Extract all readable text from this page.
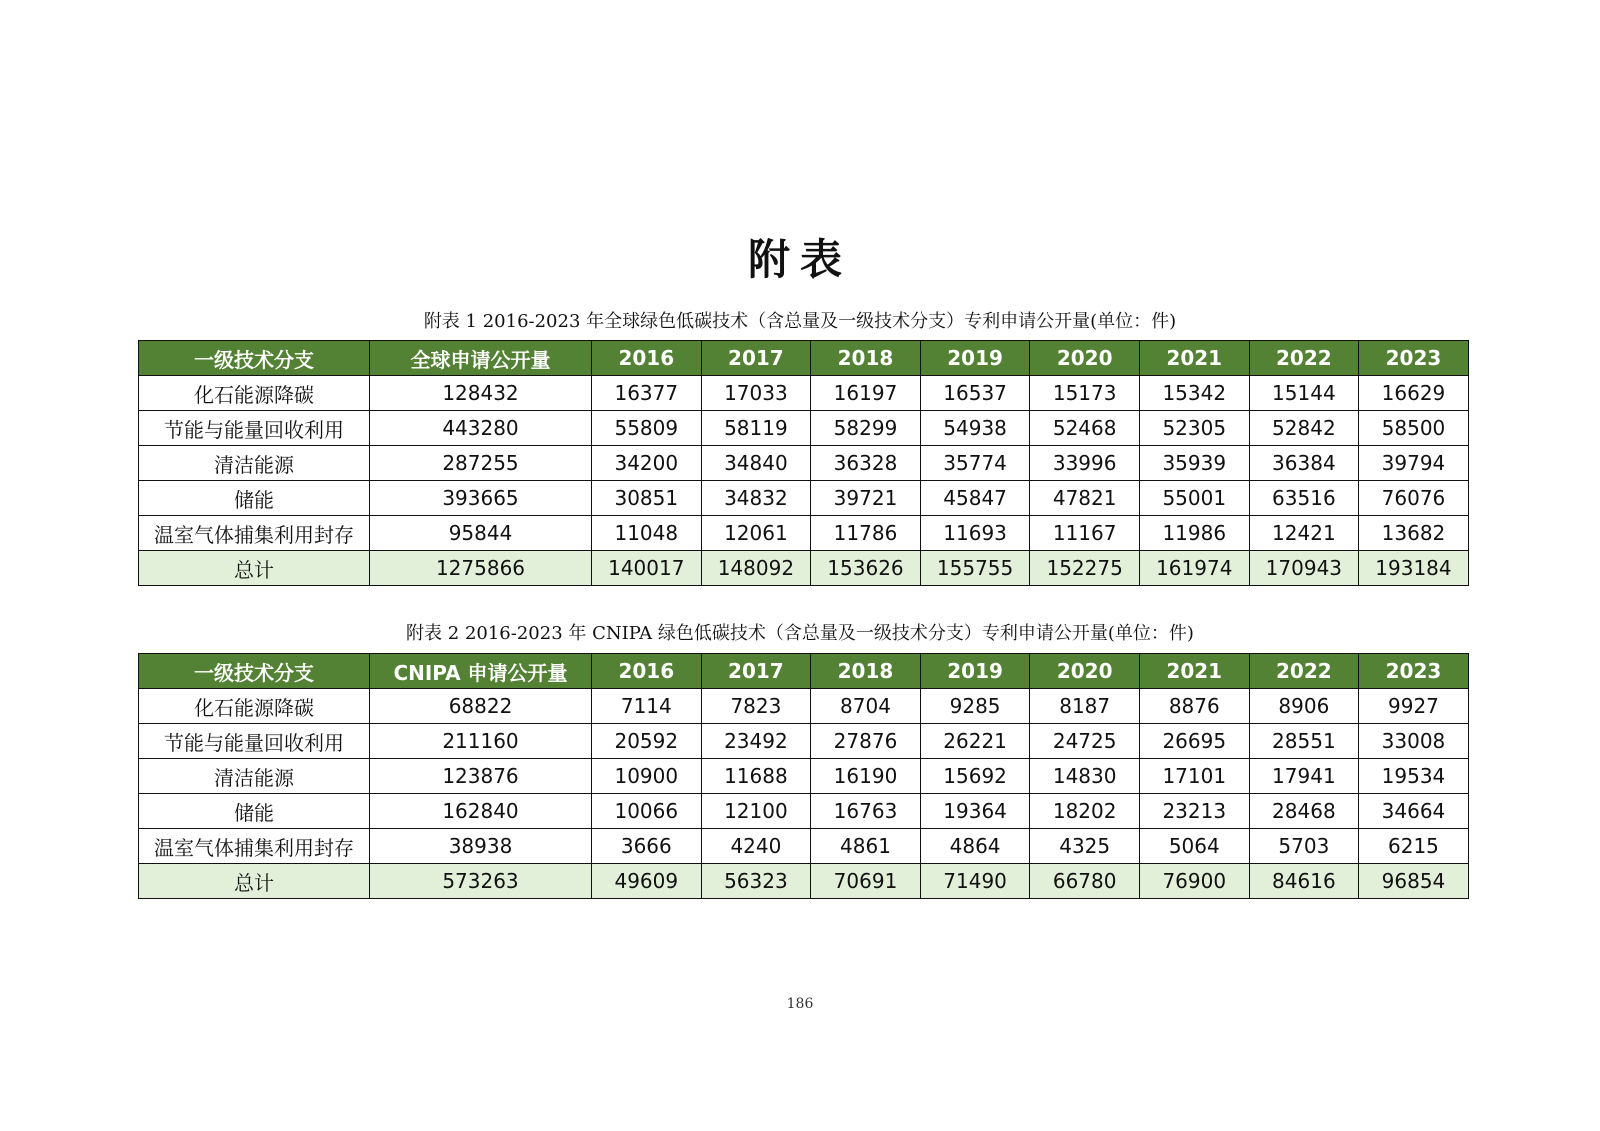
附表
附表 1 2016-2023 年全球绿色低碳技术（含总量及一级技术分支）专利申请公开量(单位：件)
一级技术分支	全球申请公开量	2016	2017	2018	2019	2020	2021	2022	2023
化石能源降碳	128432	16377	17033	16197	16537	15173	15342	15144	16629
节能与能量回收利用	443280	55809	58119	58299	54938	52468	52305	52842	58500
清洁能源	287255	34200	34840	36328	35774	33996	35939	36384	39794
储能	393665	30851	34832	39721	45847	47821	55001	63516	76076
温室气体捕集利用封存	95844	11048	12061	11786	11693	11167	11986	12421	13682
总计	1275866	140017	148092	153626	155755	152275	161974	170943	193184
附表 2 2016-2023 年 CNIPA 绿色低碳技术（含总量及一级技术分支）专利申请公开量(单位：件)
一级技术分支	CNIPA 申请公开量	2016	2017	2018	2019	2020	2021	2022	2023
化石能源降碳	68822	7114	7823	8704	9285	8187	8876	8906	9927
节能与能量回收利用	211160	20592	23492	27876	26221	24725	26695	28551	33008
清洁能源	123876	10900	11688	16190	15692	14830	17101	17941	19534
储能	162840	10066	12100	16763	19364	18202	23213	28468	34664
温室气体捕集利用封存	38938	3666	4240	4861	4864	4325	5064	5703	6215
总计	573263	49609	56323	70691	71490	66780	76900	84616	96854
186
